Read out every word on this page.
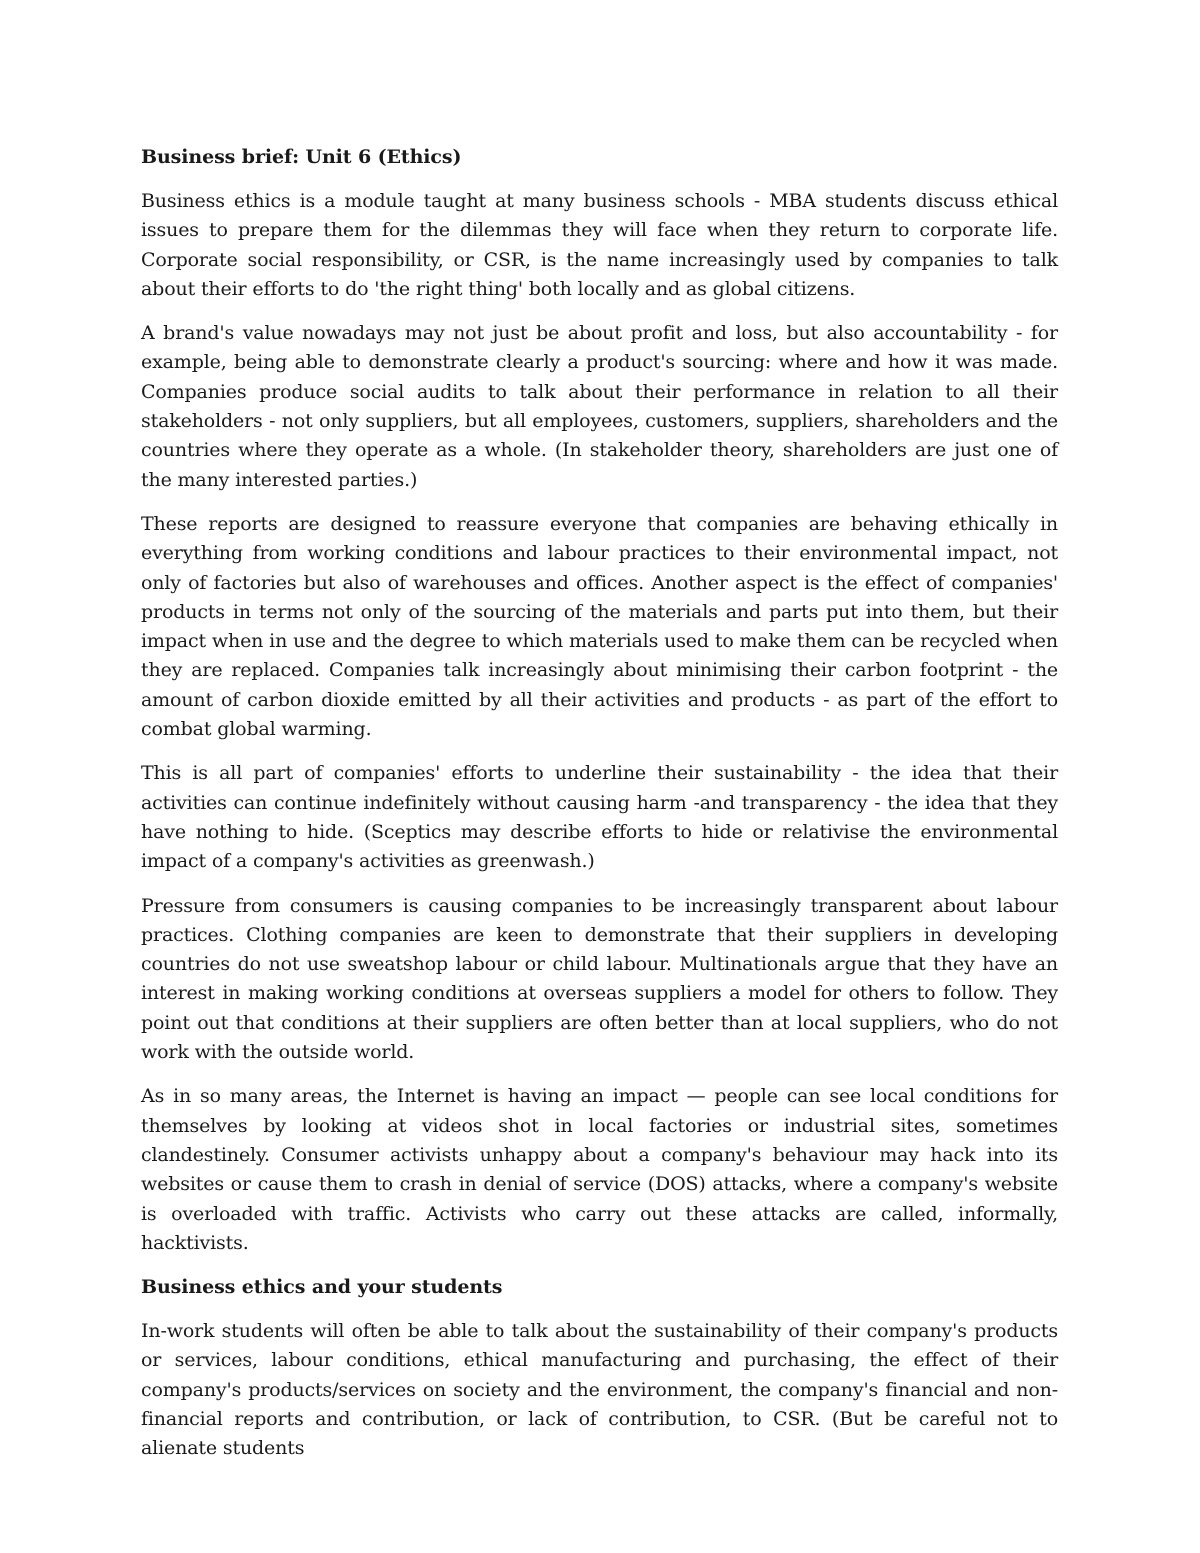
Business brief: Unit 6 (Ethics)

Business ethics is a module taught at many business schools - MBA students discuss ethical issues to prepare them for the dilemmas they will face when they return to corporate life. Corporate social responsibility, or CSR, is the name increasingly used by companies to talk about their efforts to do 'the right thing' both locally and as global citizens.

A brand's value nowadays may not just be about profit and loss, but also accountability - for example, being able to demonstrate clearly a product's sourcing: where and how it was made. Companies produce social audits to talk about their performance in relation to all their stakeholders - not only suppliers, but all employees, customers, suppliers, shareholders and the countries where they operate as a whole. (In stakeholder theory, shareholders are just one of the many interested parties.)

These reports are designed to reassure everyone that companies are behaving ethically in everything from working conditions and labour practices to their environmental impact, not only of factories but also of warehouses and offices. Another aspect is the effect of companies' products in terms not only of the sourcing of the materials and parts put into them, but their impact when in use and the degree to which materials used to make them can be recycled when they are replaced. Companies talk increasingly about minimising their carbon footprint - the amount of carbon dioxide emitted by all their activities and products - as part of the effort to combat global warming.

This is all part of companies' efforts to underline their sustainability - the idea that their activities can continue indefinitely without causing harm -and transparency - the idea that they have nothing to hide. (Sceptics may describe efforts to hide or relativise the environmental impact of a company's activities as greenwash.)

Pressure from consumers is causing companies to be increasingly transparent about labour practices. Clothing companies are keen to demonstrate that their suppliers in developing countries do not use sweatshop labour or child labour. Multinationals argue that they have an interest in making working conditions at overseas suppliers a model for others to follow. They point out that conditions at their suppliers are often better than at local suppliers, who do not work with the outside world.

As in so many areas, the Internet is having an impact — people can see local conditions for themselves by looking at videos shot in local factories or industrial sites, sometimes clandestinely. Consumer activists unhappy about a company's behaviour may hack into its websites or cause them to crash in denial of service (DOS) attacks, where a company's website is overloaded with traffic. Activists who carry out these attacks are called, informally, hacktivists.

Business ethics and your students

In-work students will often be able to talk about the sustainability of their company's products or services, labour conditions, ethical manufacturing and purchasing, the effect of their company's products/services on society and the environment, the company's financial and non-financial reports and contribution, or lack of contribution, to CSR. (But be careful not to alienate students
